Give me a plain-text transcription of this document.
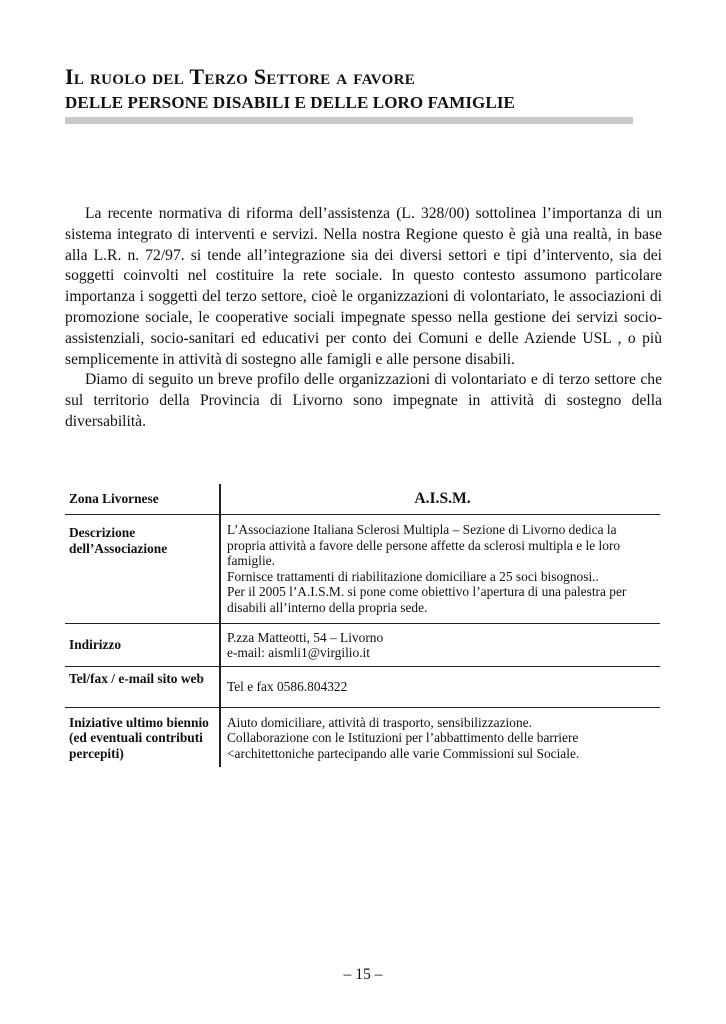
Il ruolo del Terzo Settore a favore
DELLE PERSONE DISABILI E DELLE LORO FAMIGLIE

La recente normativa di riforma dell’assistenza (L. 328/00) sottolinea l’importanza di un sistema integrato di interventi e servizi. Nella nostra Regione questo è già una realtà, in base alla L.R. n. 72/97. si tende all’integrazione sia dei diversi settori e tipi d’intervento, sia dei soggetti coinvolti nel costituire la rete sociale. In questo contesto assumono particolare importanza i soggetti del terzo settore, cioè le organizzazioni di volontariato, le associazioni di promozione sociale, le cooperative sociali impegnate spesso nella gestione dei servizi socio-assistenziali, socio-sanitari ed educativi per conto dei Comuni e delle Aziende USL , o più semplicemente in attività di sostegno alle famigli e alle persone disabili.

Diamo di seguito un breve profilo delle organizzazioni di volontariato e di terzo settore che sul territorio della Provincia di Livorno sono impegnate in attività di sostegno della diversabilità.

Zona Livornese	A.I.S.M.
Descrizione dell’Associazione	L’Associazione Italiana Sclerosi Multipla – Sezione di Livorno dedica la propria attività a favore delle persone affette da sclerosi multipla e le loro famiglie.
Fornisce trattamenti di riabilitazione domiciliare a 25 soci bisognosi..
Per il 2005 l’A.I.S.M. si pone come obiettivo l’apertura di una palestra per disabili all’interno della propria sede.

Indirizzo	P.zza Matteotti, 54 – Livorno
e-mail: aismli1@virgilio.it

Tel/fax / e-mail sito web	Tel e fax 0586.804322
Iniziative ultimo biennio (ed eventuali contributi percepiti)	Aiuto domiciliare, attività di trasporto, sensibilizzazione.
Collaborazione con le Istituzioni per l’abbattimento delle barriere <architettoniche partecipando alle varie Commissioni sul Sociale.
– 15 –
